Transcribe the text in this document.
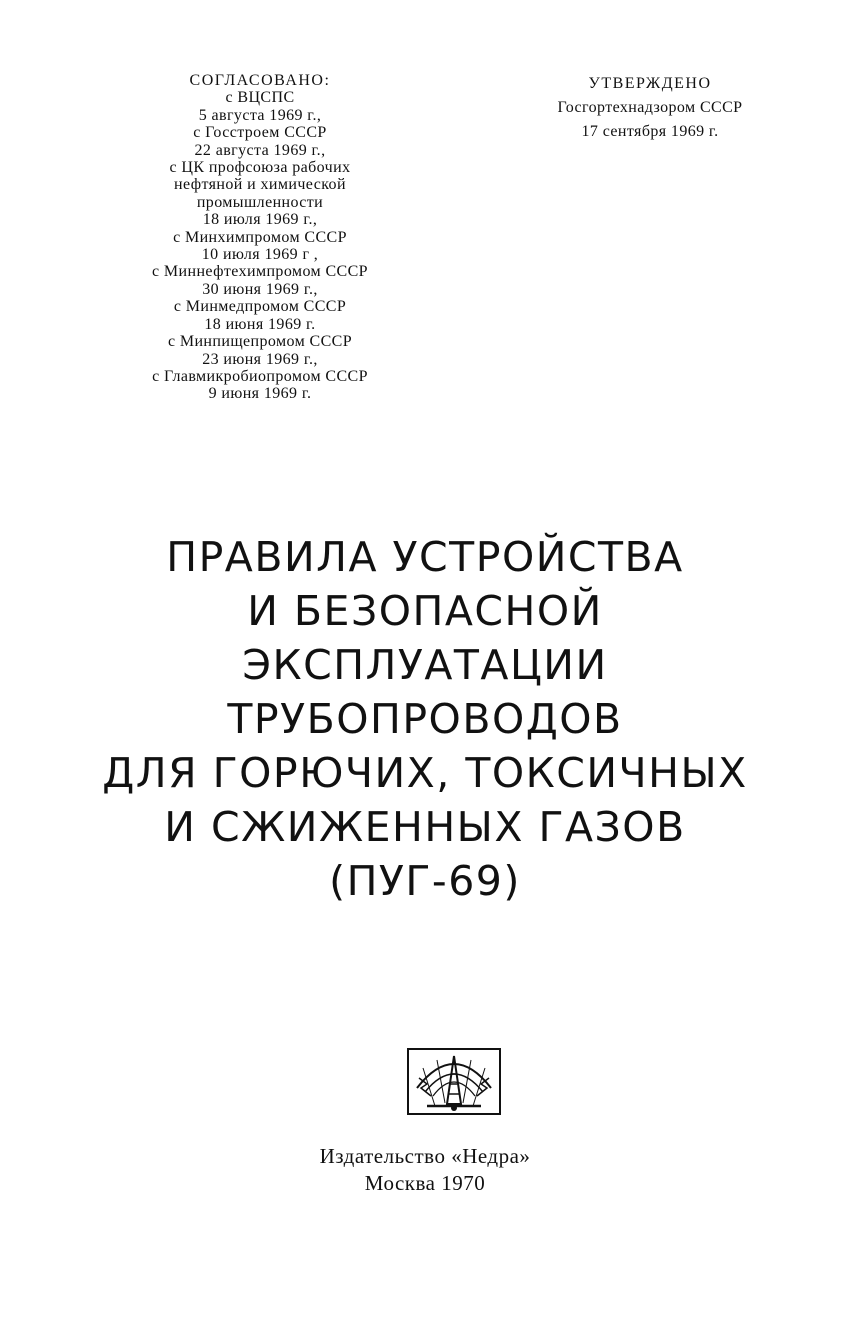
СОГЛАСОВАНО:
с ВЦСПС
5 августа 1969 г.,
с Госстроем СССР
22 августа 1969 г.,
с ЦК профсоюза рабочих
нефтяной и химической
промышленности
18 июля 1969 г.,
с Минхимпромом СССР
10 июля 1969 г ,
с Миннефтехимпромом СССР
30 июня 1969 г.,
с Минмедпромом СССР
18 июня 1969 г.
с Минпищепромом СССР
23 июня 1969 г.,
с Главмикробиопромом СССР
9 июня 1969 г.
УТВЕРЖДЕНО
Госгортехнадзором СССР
17 сентября 1969 г.
ПРАВИЛА УСТРОЙСТВА
И БЕЗОПАСНОЙ
ЭКСПЛУАТАЦИИ
ТРУБОПРОВОДОВ
ДЛЯ ГОРЮЧИХ, ТОКСИЧНЫХ
И СЖИЖЕННЫХ ГАЗОВ
(ПУГ-69)
Издательство «Недра»
Москва 1970
